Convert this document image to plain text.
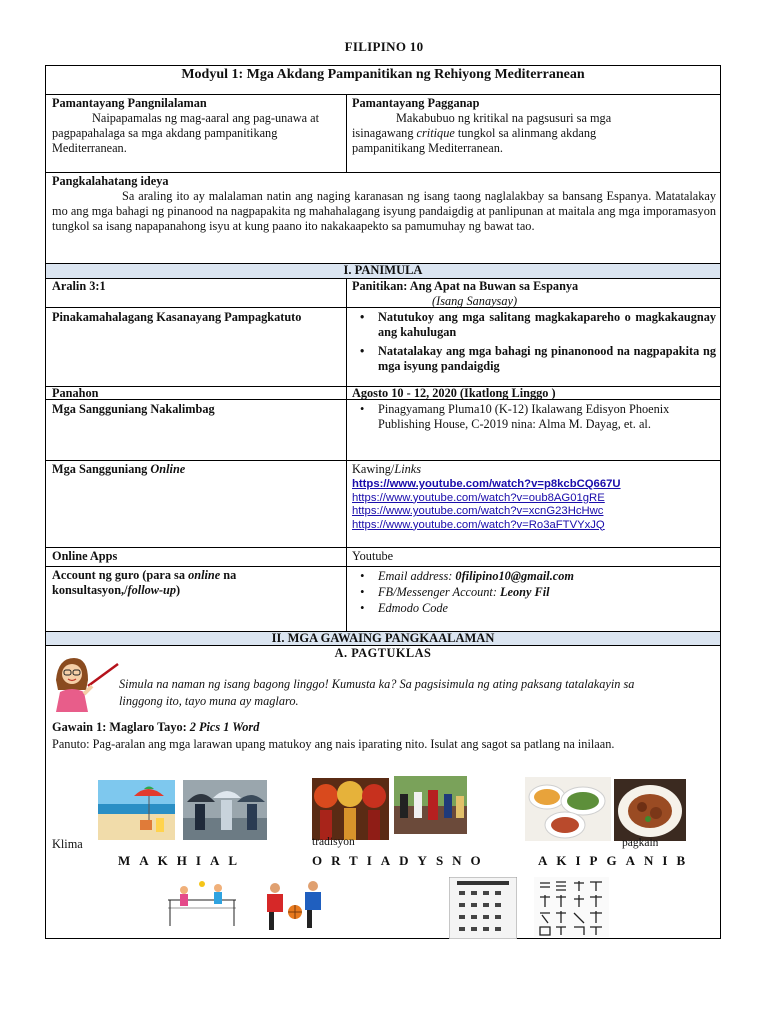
FILIPINO 10
Modyul 1: Mga Akdang Pampanitikan ng Rehiyong Mediterranean
Pamantayang Pangnilalaman
Naipapamalas ng mag-aaral ang pag-unawa at pagpapahalaga sa mga akdang pampanitikang Mediterranean.
Pamantayang Pagganap
Makabubuo ng kritikal na pagsusuri sa mga isinagawang critique tungkol sa alinmang akdang pampanitikang Mediterranean.
Pangkalahatang ideya
Sa araling ito ay malalaman natin ang naging karanasan ng isang taong naglalakbay sa bansang Espanya. Matatalakay mo ang mga bahagi ng pinanood na nagpapakita ng mahahalagang isyung pandaigdig at panlipunan at maitala ang mga imporamasyon tungkol sa isang napapanahong isyu at kung paano ito nakakaapekto sa pamumuhay ng bawat tao.
I. PANIMULA
Aralin 3:1	Panitikan: Ang Apat na Buwan sa Espanya
(Isang Sanaysay)
Pinakamahalagang Kasanayang Pampagkatuto	• Natutukoy ang mga salitang magkakapareho o magkakaugnay ang kahulugan
• Natatalakay ang mga bahagi ng pinanonood na nagpapakita ng mga isyung pandaigdig
Panahon	Agosto 10 - 12, 2020 (Ikatlong Linggo )
Mga Sangguniang Nakalimbag	• Pinagyamang Pluma10 (K-12) Ikalawang Edisyon Phoenix Publishing House, C-2019 nina: Alma M. Dayag, et. al.
Mga Sangguniang Online	Kawing/Links
https://www.youtube.com/watch?v=p8kcbCQ667U
https://www.youtube.com/watch?v=oub8AG01gRE
https://www.youtube.com/watch?v=xcnG23HcHwc
https://www.youtube.com/watch?v=Ro3aFTVYxJQ
Online Apps	Youtube
Account ng guro (para sa online na konsultasyon,/follow-up)
• Email address: 0filipino10@gmail.com
• FB/Messenger Account: Leony Fil
• Edmodo Code
II. MGA GAWAING PANGKAALAMAN
A. PAGTUKLAS
Simula na naman ng isang bagong linggo! Kumusta ka? Sa pagsisimula ng ating paksang tatalakayin sa linggong ito, tayo muna ay maglaro.
Gawain 1: Maglaro Tayo: 2 Pics 1 Word
Panuto: Pag-aralan ang mga larawan upang matukoy ang nais iparating nito. Isulat ang sagot sa patlang na inilaan.
Klima	tradisyon	pagkain
MAKHIAL	ORTIADYSNO	AKIPGANIB
